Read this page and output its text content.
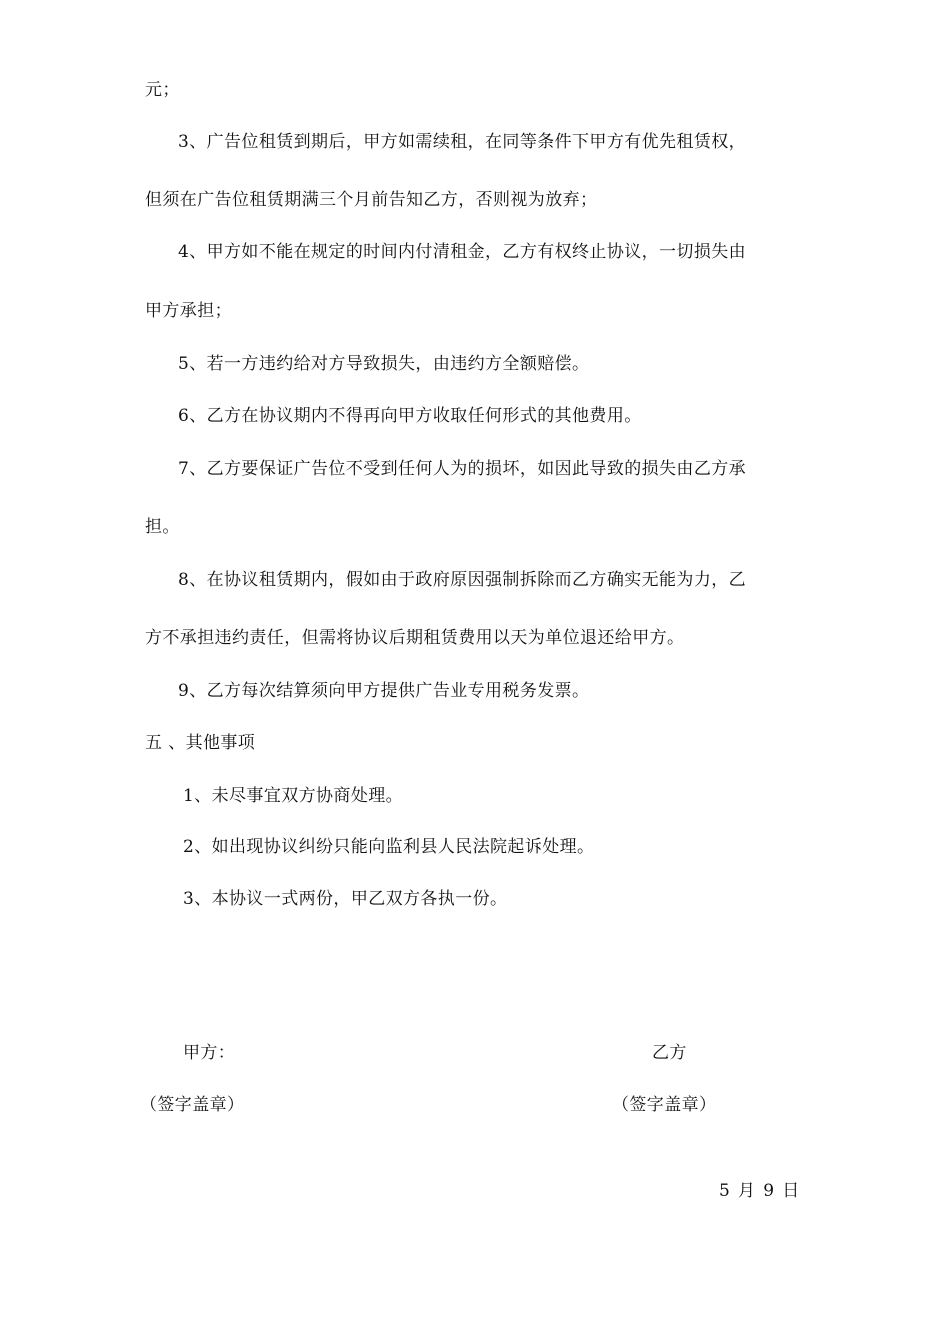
元；
3、广告位租赁到期后，甲方如需续租，在同等条件下甲方有优先租赁权，
但须在广告位租赁期满三个月前告知乙方，否则视为放弃；
4、甲方如不能在规定的时间内付清租金，乙方有权终止协议，一切损失由
甲方承担；
5、若一方违约给对方导致损失，由违约方全额赔偿。
6、乙方在协议期内不得再向甲方收取任何形式的其他费用。
7、乙方要保证广告位不受到任何人为的损坏，如因此导致的损失由乙方承
担。
8、在协议租赁期内，假如由于政府原因强制拆除而乙方确实无能为力，乙
方不承担违约责任，但需将协议后期租赁费用以天为单位退还给甲方。
9、乙方每次结算须向甲方提供广告业专用税务发票。
五 、其他事项
1、未尽事宜双方协商处理。
2、如出现协议纠纷只能向监利县人民法院起诉处理。
3、本协议一式两份，甲乙双方各执一份。
甲方：	乙方
（签字盖章）	（签字盖章）
5 月 9 日
